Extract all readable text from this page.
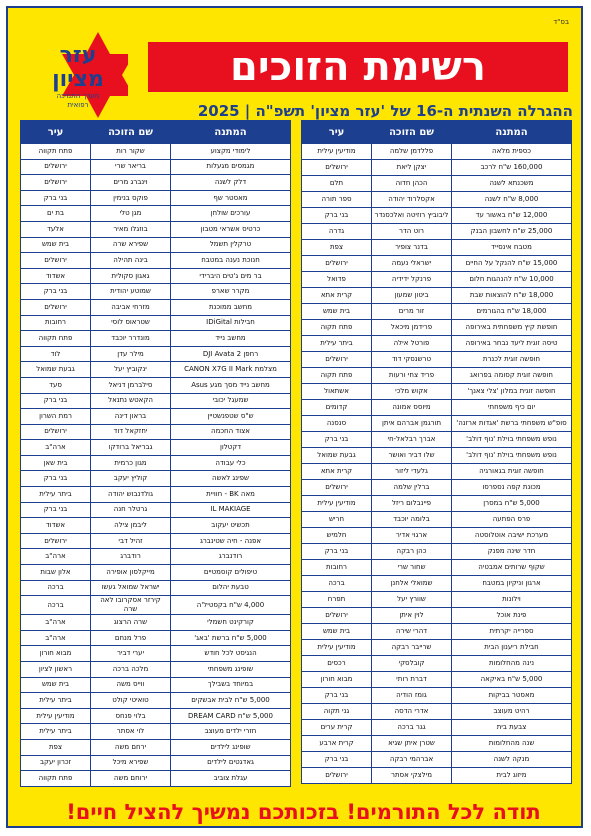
בס"ד
עזר
מציון
מערך התמיכה
רפואית
רשימת הזוכים
ההגרלה השנתית ה-16 של 'עזר מציון' תשפ"ה | 2025
תודה לכל התורמים! בזכותכם נמשיך להציל חיים!
המתנה	שם הזוכה	עיר
כספית מלאה	פללדמן שלמה	מודיעין עילית
160,000 ש"ח לרכב	יצקן ליאת	ירושלים
משכנתא לשנה	הכהן חדוה	תלם
8,000 ש"ח לשנה	אקסלרוד יהודה	ספר תורה
12,000 ש"ח באשור עד	ליבוביץ רוזיטה ואלכסנדר	בני ברק
25,000 ש"ח לחשבון הבנק	רוט הדר	גדרה
מטבח אינסייד	בדנר צופיר	צפת
15,000 ש"ח להנקל על החיים	ישראלי נעמה	ירושלים
10,000 ש"ח להנהגות חלום	פרנקל ידידיה	פדואל
18,000 ש"ח להוצאות שבת	ביטון שמעון	קרית אתא
18,000 ש"ח בהגורמים	זור מרים	בית שמש
חופשת קיץ משפחתית באירופה	פרידמן מיכאל	פתח תקוה
טיסה זוגית ליעד נבחר באירופה	פורטל אילה	ביתר עילית
חופשה זוגית לכנרת	טרשנסקי דוד	ירושלים
חופשה זוגית קסומה בפרואג	פריד צחי ורעות	פתח תקוה
חופשה זוגית במלון 'צלי צאנך'	אקוש מלכי	אשתאול
יום כיף משפחתי	מיוסס אמונה	קדומים
סופ"ש משפחתי ברשת 'אגדות ארזנה'	תורגמן אברהם איתן	סנסנה
נופש משפחתי בוילת 'נוף דולב'	אברך רבלאל-חי	בני ברק
נופש משפחתי בוילת 'נוף דולב'	שלו דביר ואושר	גבעת שמואל
חופשה זוגית בגאורגיה	גלעדי ליזור	קרית אתא
מכונת קפה נספרסו	ברלין שלמה	ירושלים
5,000 ש"ח במסרן	פיינבלום ריזל	מודיעין עילית
פרס הפתעה	בלומה יוכבד	חריש
מערכת ישיבה אוטלוסטה	ארגוי אדיר	חלמיש
חדר שינה מפנק	כהן רבקה	בני ברק
שקוף שרותים אמבטיה	שחור שרי	רחובות
ארגון וניקיון במטבח	שמואלי אלחנן	ברכה
וילונות	שוורץ יעל	תפרח
פינת אוכל	לוין איתן	ירושלים
ספרייה יקרתית	דהרי שירה	בית שמש
חבילת ריענון הבית	שרייבר רבקה	מודיעין עילית
נינה מהחלומות	קובלסקי	רכסים
5,000 ש"ח באיקאה	דברת רותי	מבוא חורון
מאסטר בביקות	גומז הודיה	בני ברק
רהיט מעוצב	אדרי הדסה	גני תקוה
צבעת בית	גגר ברכה	קרית ערים
שנה מהחלומות	שטרן איתן שגיא	קרית ארבע
מנקה לשנה	אברהמי רבקה	בני ברק
מיזוג לבית	מילצקי אסתר	ירושלים
המתנה	שם הזוכה	עיר
לימודי מקצוע	שקור רות	פתח תקווה
מגמסים מגעלות	בריאר שרי	ירושלים
דלק לשנה	וינברג מרים	ירושלים
מאסטר שף	פוקס בנימין	בני ברק
עורכים שולחן	מגן טלי	בת ים
כרטיס אשראי מטבון	בוזגלו מאיר	אלעד
טרקלין תשמל	שפירא שרה	בית שמש
חנוכת נענה במטבח	בינה תהילה	ירושלים
בר מים ג'טים היברידי	גאגון סקולית	אשדוד
מקרר שארפ	שמוטע יהודית	בני ברק
מחשב ממוכנת	מזרחי אביבה	ירושלים
חבילות IDiGital	שטראוס לוסי	רחובות
מחשב נייד	מונדרר יוכבד	פתח תקווה
רחפן DJI Avata 2	מילר עדן	לוד
מצלמת CANON X7G II Mark	ינקוביץ יעל	גבעת שמואל
מחשב נייד מסך מגע Asus	סילברמן דניאל	סעד
שמעגל יכובי	הקאטש נתנאל	בני ברק
ש"ס שטפנשטיין	בראון דינה	רמת השרון
אצוד החכמה	יחזקאל דוד	ירושלים
דקטלון	גבריאל ברודקו	ארה"ב
כלי עבודה	מגון כרמית	בית שאן
שפינג לאשה	קוליץ יעקב	בני ברק
מאה BK - חוויית	גולדנבוש יהודה	ביתר עילית
IL MAKIAGE	גרטלר חנה	בני ברק
תכשיט יעקוב	ליבמן צילה	אשדוד
אפנה - חיה שטינברג	זהיל דבי	ירושלים
רודנברג	רודברג	ארה"ב
טיפולים קוסמטיים	מייקלסון אופירה	אלון שבות
טבעת יהלום	ישראל שמואל געשו	ברכה
4,000 ש"ח בקסטיל'ה	קירזר אסקרובו לאה שרה	ברכה
קורקינט חשמלי	שרה הרצוג	ארה"ב
5,000 ש"ח ברשת 'באג'	פרל מנחם	ארה"ב
הנגיסט לכל חודש	יערי דביר	מבוא חורון
שופינג משפחתי	מלכה ברכה	ראשון לציון
במיוחד בשבילך	ווייס משה	בית שמש
5,000 ש"ח לבית אבשקים	טואיטי קולט	ביתר עילית
5,000 ש"ח DREAM CARD	בלוי פנחס	מודיעין עילית
חזרי ילדים מעוצב	לוי אסתר	ביתר עילית
שופינג לילדים	ירחם משה	צפת
גאדגטים לילדים	שפירא מיכל	זכרון יעקב
עגלת צוביב	ירוחם משה	פתח תקווה
